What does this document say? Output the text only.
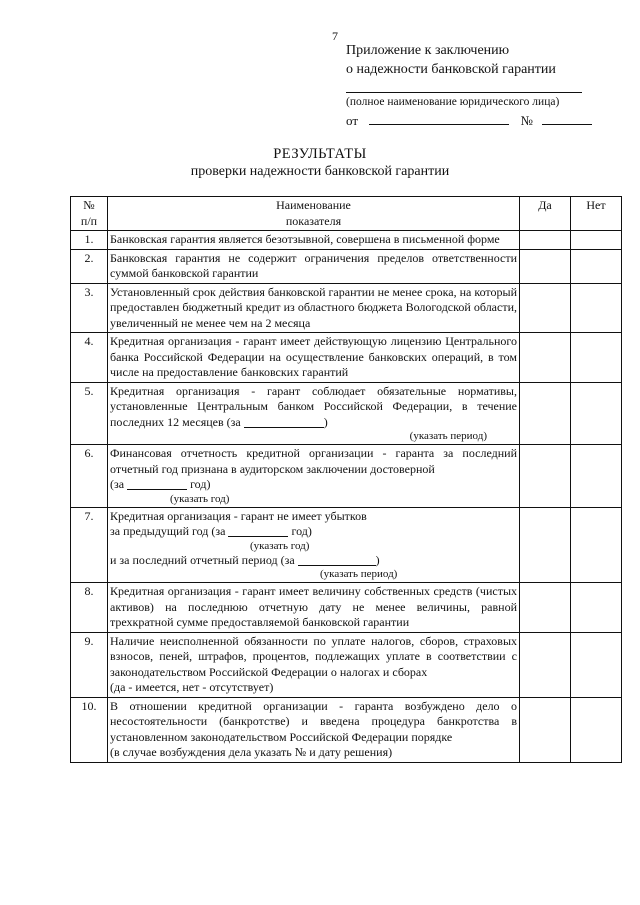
7
Приложение к заключению
о надежности банковской гарантии
(полное наименование юридического лица)
от	№
РЕЗУЛЬТАТЫ
проверки надежности банковской гарантии
№
п/п	Наименование
показателя	Да	Нет
1.	Банковская гарантия является безотзывной, совершена в письменной форме		
2.	Банковская гарантия не содержит ограничения пределов ответственности суммой банковской гарантии		
3.	Установленный срок действия банковской гарантии не менее срока, на который предоставлен бюджетный кредит из областного бюджета Вологодской области, увеличенный не менее чем на 2 месяца		
4.	Кредитная организация - гарант имеет действующую лицензию Центрального банка Российской Федерации на осуществление банковских операций, в том числе на предоставление банковских гарантий		
5.	Кредитная организация - гарант соблюдает обязательные нормативы, установленные Центральным банком Российской Федерации, в течение последних 12 месяцев (за )
(указать период)		

6.	Финансовая отчетность кредитной организации - гаранта за последний отчетный год признана в аудиторском заключении достоверной
(за год)
(указать год)		

7.	Кредитная организация - гарант не имеет убытков
за предыдущий год (за год)
(указать год)
и за последний отчетный период (за )
(указать период)		

8.	Кредитная организация - гарант имеет величину собственных средств (чистых активов) на последнюю отчетную дату не менее величины, равной трехкратной сумме предоставляемой банковской гарантии		
9.	Наличие неисполненной обязанности по уплате налогов, сборов, страховых взносов, пеней, штрафов, процентов, подлежащих уплате в соответствии с законодательством Российской Федерации о налогах и сборах
(да - имеется, нет - отсутствует)		

10.	В отношении кредитной организации - гаранта возбуждено дело о несостоятельности (банкротстве) и введена процедура банкротства в установленном законодательством Российской Федерации порядке
(в случае возбуждения дела указать № и дату решения)		
